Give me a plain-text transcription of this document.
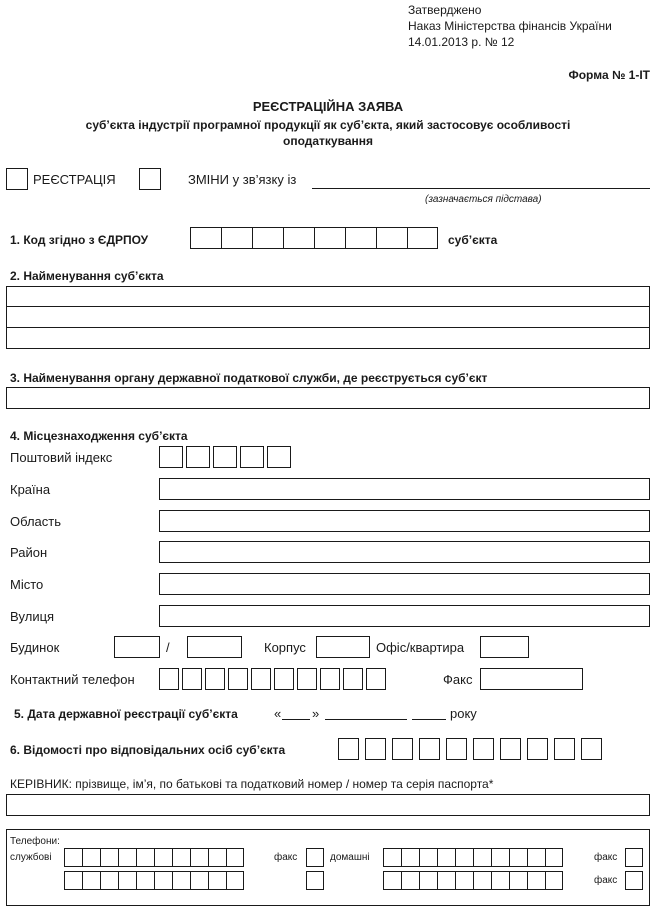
Затверджено
Наказ Міністерства фінансів України
14.01.2013 р. № 12
Форма № 1-ІТ
РЕЄСТРАЦІЙНА ЗАЯВА
суб’єкта індустрії програмної продукції як суб’єкта, який застосовує особливості
оподаткування
РЕЄСТРАЦІЯ	ЗМІНИ у зв’язку із
(зазначається підстава)
1. Код згідно з ЄДРПОУ	суб’єкта
2. Найменування суб’єкта
3. Найменування органу державної податкової служби, де реєструється суб’єкт
4. Місцезнаходження суб’єкта
Поштовий індекс
Країна
Область
Район
Місто
Вулиця
Будинок	/	Корпус	Офіс/квартира
Контактний телефон	Факс
5. Дата державної реєстрації суб’єкта	« »	року
6. Відомості про відповідальних осіб суб’єкта
КЕРІВНИК: прізвище, ім’я, по батькові та податковий номер / номер та серія паспорта*
Телефони:
службові	факс	домашні	факс
факс
